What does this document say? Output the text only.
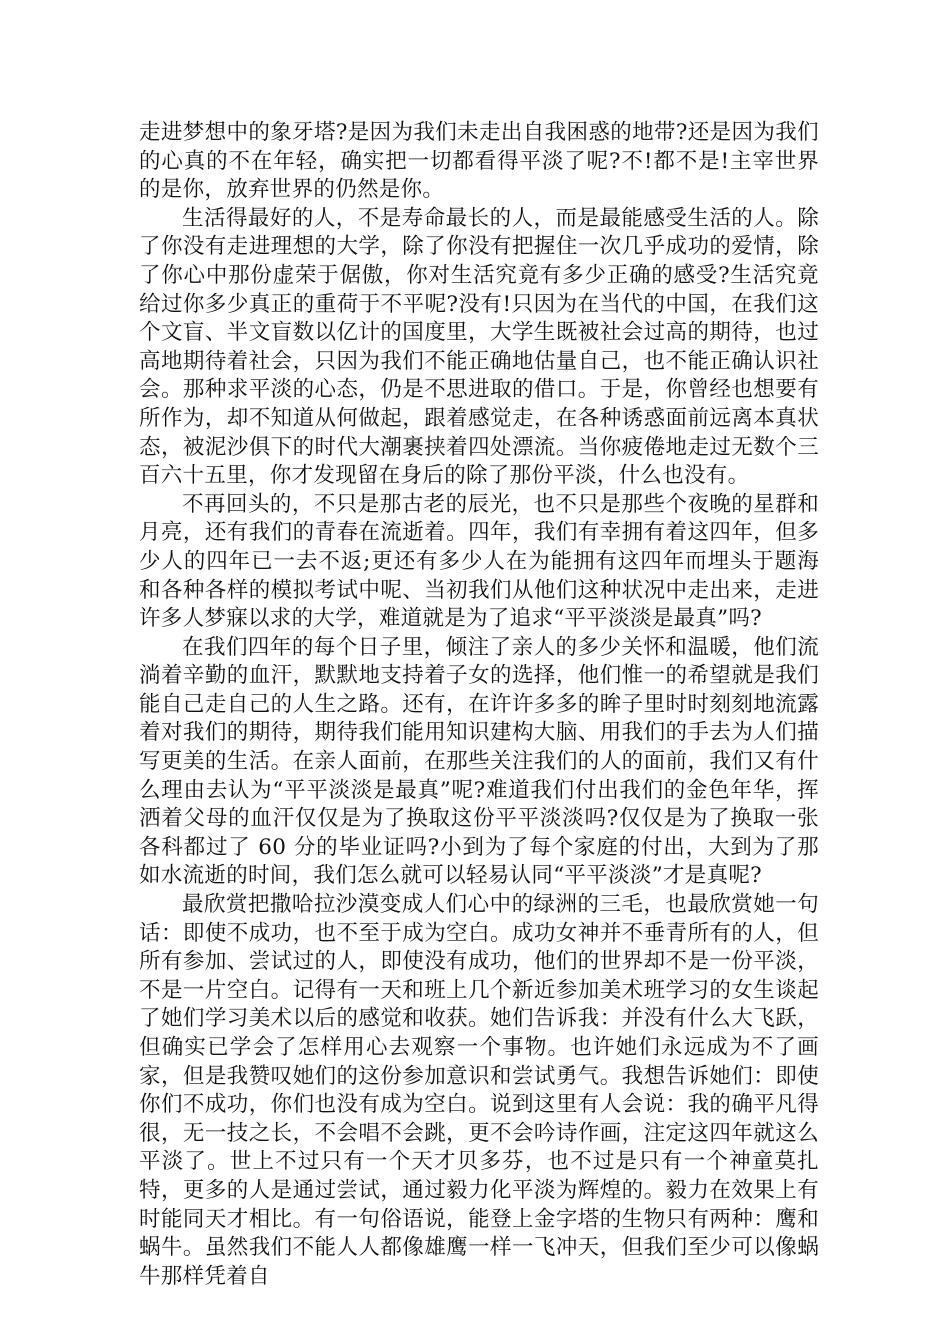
走进梦想中的象牙塔?是因为我们未走出自我困惑的地带?还是因为我们的心真的不在年轻，确实把一切都看得平淡了呢?不!都不是!主宰世界的是你，放弃世界的仍然是你。

生活得最好的人，不是寿命最长的人，而是最能感受生活的人。除了你没有走进理想的大学，除了你没有把握住一次几乎成功的爱情，除了你心中那份虚荣于倨傲，你对生活究竟有多少正确的感受?生活究竟给过你多少真正的重荷于不平呢?没有!只因为在当代的中国，在我们这个文盲、半文盲数以亿计的国度里，大学生既被社会过高的期待，也过高地期待着社会，只因为我们不能正确地估量自己，也不能正确认识社会。那种求平淡的心态，仍是不思进取的借口。于是，你曾经也想要有所作为，却不知道从何做起，跟着感觉走，在各种诱惑面前远离本真状态，被泥沙俱下的时代大潮裹挟着四处漂流。当你疲倦地走过无数个三百六十五里，你才发现留在身后的除了那份平淡，什么也没有。

不再回头的，不只是那古老的辰光，也不只是那些个夜晚的星群和月亮，还有我们的青春在流逝着。四年，我们有幸拥有着这四年，但多少人的四年已一去不返;更还有多少人在为能拥有这四年而埋头于题海和各种各样的模拟考试中呢、当初我们从他们这种状况中走出来，走进许多人梦寐以求的大学，难道就是为了追求“平平淡淡是最真”吗?

在我们四年的每个日子里，倾注了亲人的多少关怀和温暖，他们流淌着辛勤的血汗，默默地支持着子女的选择，他们惟一的希望就是我们能自己走自己的人生之路。还有，在许许多多的眸子里时时刻刻地流露着对我们的期待，期待我们能用知识建构大脑、用我们的手去为人们描写更美的生活。在亲人面前，在那些关注我们的人的面前，我们又有什么理由去认为“平平淡淡是最真”呢?难道我们付出我们的金色年华，挥洒着父母的血汗仅仅是为了换取这份平平淡淡吗?仅仅是为了换取一张各科都过了 60 分的毕业证吗?小到为了每个家庭的付出，大到为了那如水流逝的时间，我们怎么就可以轻易认同“平平淡淡”才是真呢?

最欣赏把撒哈拉沙漠变成人们心中的绿洲的三毛，也最欣赏她一句话：即使不成功，也不至于成为空白。成功女神并不垂青所有的人，但所有参加、尝试过的人，即使没有成功，他们的世界却不是一份平淡，不是一片空白。记得有一天和班上几个新近参加美术班学习的女生谈起了她们学习美术以后的感觉和收获。她们告诉我：并没有什么大飞跃，但确实已学会了怎样用心去观察一个事物。也许她们永远成为不了画家，但是我赞叹她们的这份参加意识和尝试勇气。我想告诉她们：即使你们不成功，你们也没有成为空白。说到这里有人会说：我的确平凡得很，无一技之长，不会唱不会跳，更不会吟诗作画，注定这四年就这么平淡了。世上不过只有一个天才贝多芬，也不过是只有一个神童莫扎特，更多的人是通过尝试，通过毅力化平淡为辉煌的。毅力在效果上有时能同天才相比。有一句俗语说，能登上金字塔的生物只有两种：鹰和蜗牛。虽然我们不能人人都像雄鹰一样一飞冲天，但我们至少可以像蜗牛那样凭着自
